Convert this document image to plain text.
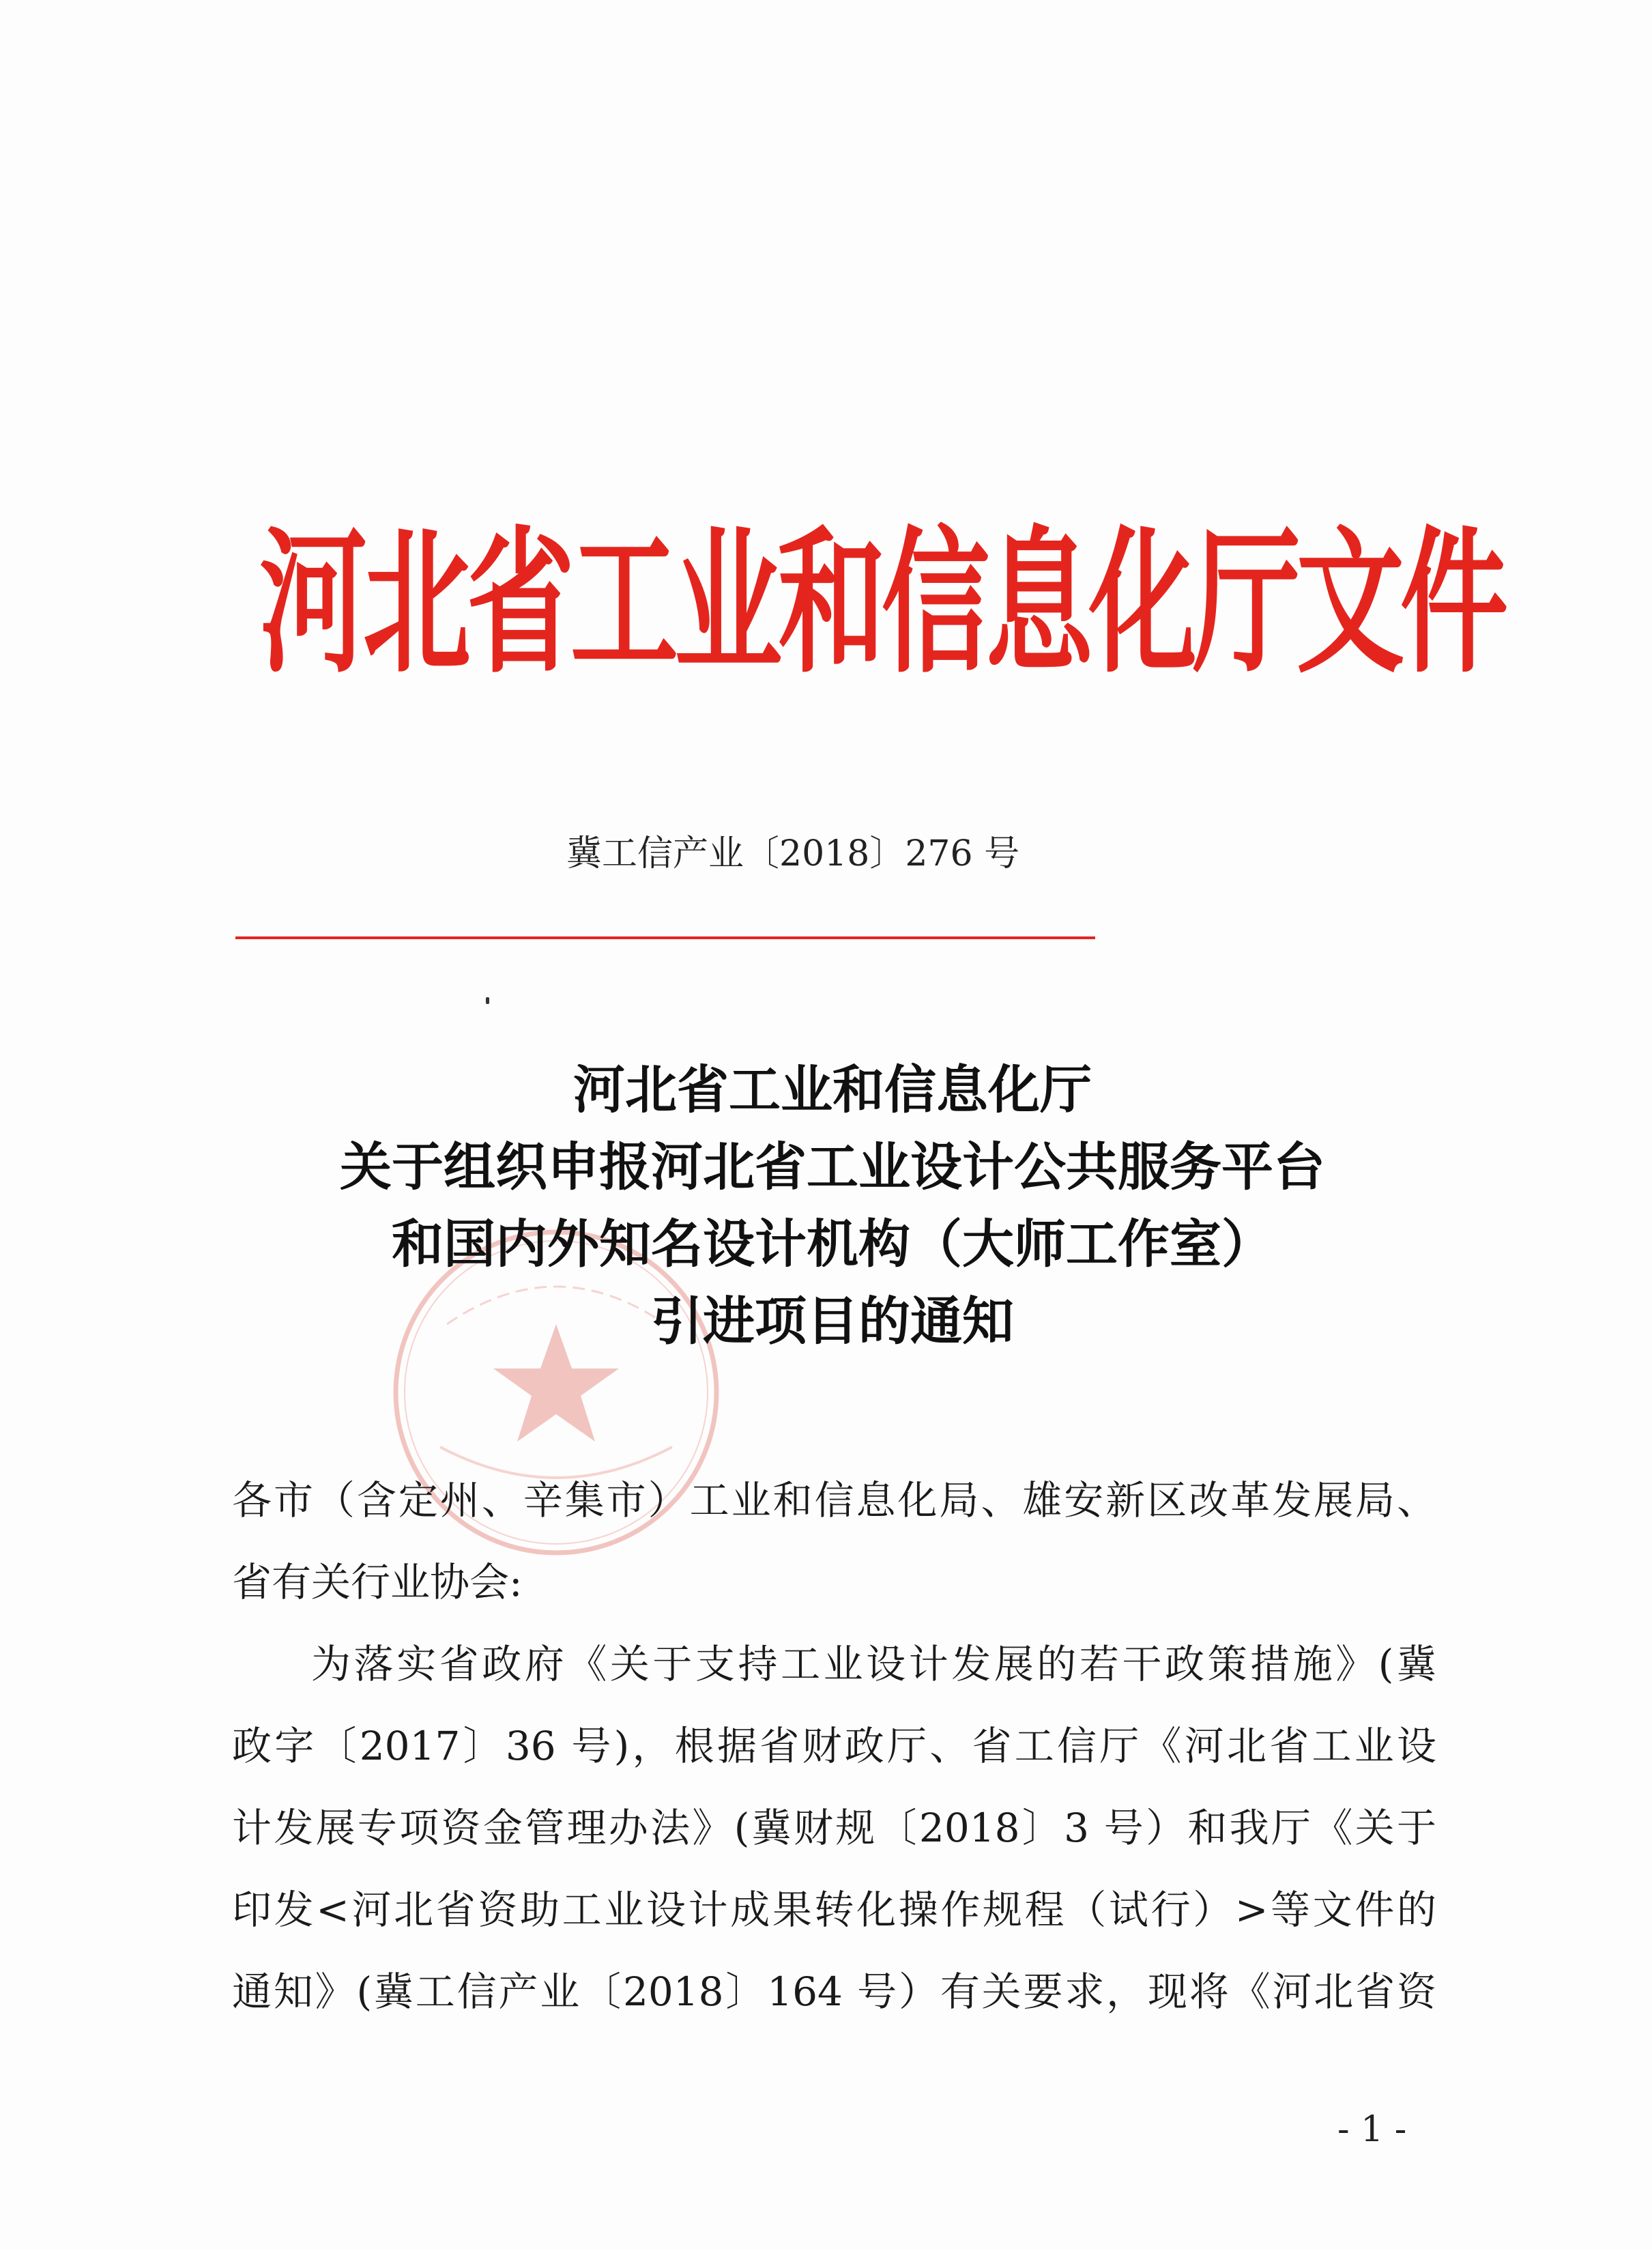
河北省工业和信息化厅文件
冀工信产业〔2018〕276 号
河北省工业和信息化厅
关于组织申报河北省工业设计公共服务平台
和国内外知名设计机构（大师工作室）
引进项目的通知
各市（含定州、辛集市）工业和信息化局、雄安新区改革发展局、
省有关行业协会:
为落实省政府《关于支持工业设计发展的若干政策措施》(冀
政字〔2017〕36 号)，根据省财政厅、省工信厅《河北省工业设
计发展专项资金管理办法》(冀财规〔2018〕3 号）和我厅《关于
印发<河北省资助工业设计成果转化操作规程（试行）>等文件的
通知》(冀工信产业〔2018〕164 号）有关要求，现将《河北省资
- 1 -
